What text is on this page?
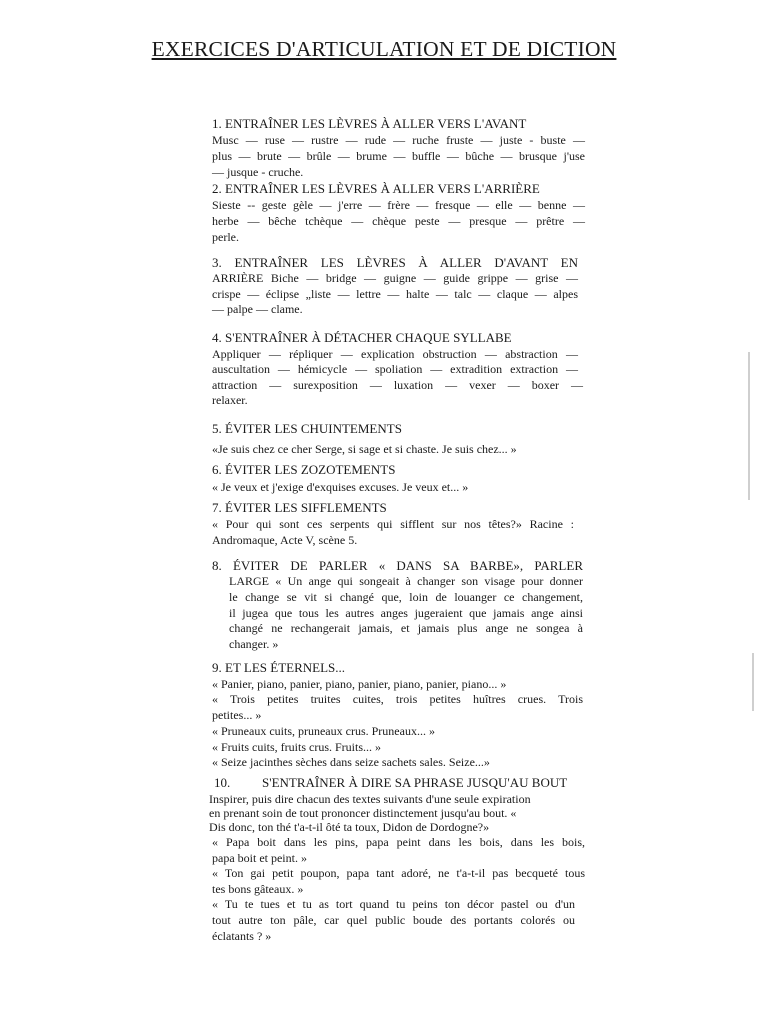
EXERCICES D'ARTICULATION ET DE DICTION
1. ENTRAÎNER LES LÈVRES À ALLER VERS L'AVANT
Musc — ruse — rustre — rude — ruche fruste — juste - buste —
plus — brute — brûle — brume — buffle — bûche — brusque j'use
— jusque - cruche.
2. ENTRAÎNER LES LÈVRES À ALLER VERS L'ARRIÈRE
Sieste -- geste gèle — j'erre — frère — fresque — elle — benne —
herbe — bêche tchèque — chèque peste — presque — prêtre —
perle.
3. ENTRAÎNER LES LÈVRES À ALLER D'AVANT EN
ARRIÈRE Biche — bridge — guigne — guide grippe — grise —
crispe — éclipse „liste — lettre — halte — talc — claque — alpes
— palpe — clame.
4. S'ENTRAÎNER À DÉTACHER CHAQUE SYLLABE
Appliquer — répliquer — explication obstruction — abstraction —
auscultation — hémicycle — spoliation — extradition extraction —
attraction — surexposition — luxation — vexer — boxer —
relaxer.
5. ÉVITER LES CHUINTEMENTS
«Je suis chez ce cher Serge, si sage et si chaste. Je suis chez... »
6. ÉVITER LES ZOZOTEMENTS
« Je veux et j'exige d'exquises excuses. Je veux et... »
7. ÉVITER LES SIFFLEMENTS
« Pour qui sont ces serpents qui sifflent sur nos têtes?» Racine :
Andromaque, Acte V, scène 5.
8. ÉVITER DE PARLER « DANS SA BARBE», PARLER
LARGE « Un ange qui songeait à changer son visage pour donner
le change se vit si changé que, loin de louanger ce changement,
il jugea que tous les autres anges jugeraient que jamais ange ainsi
changé ne rechangerait jamais, et jamais plus ange ne songea à
changer. »
9. ET LES ÉTERNELS...
« Panier, piano, panier, piano, panier, piano, panier, piano... »
« Trois petites truites cuites, trois petites huîtres crues. Trois
petites... »
« Pruneaux cuits, pruneaux crus. Pruneaux... »
« Fruits cuits, fruits crus. Fruits... »
« Seize jacinthes sèches dans seize sachets sales. Seize...»
10. S'ENTRAÎNER À DIRE SA PHRASE JUSQU'AU BOUT
Inspirer, puis dire chacun des textes suivants d'une seule expiration
en prenant soin de tout prononcer distinctement jusqu'au bout. «
Dis donc, ton thé t'a-t-il ôté ta toux, Didon de Dordogne?»
« Papa boit dans les pins, papa peint dans les bois, dans les bois,
papa boit et peint. »
« Ton gai petit poupon, papa tant adoré, ne t'a-t-il pas becqueté tous
tes bons gâteaux. »
« Tu te tues et tu as tort quand tu peins ton décor pastel ou d'un
tout autre ton pâle, car quel public boude des portants colorés ou
éclatants ? »
